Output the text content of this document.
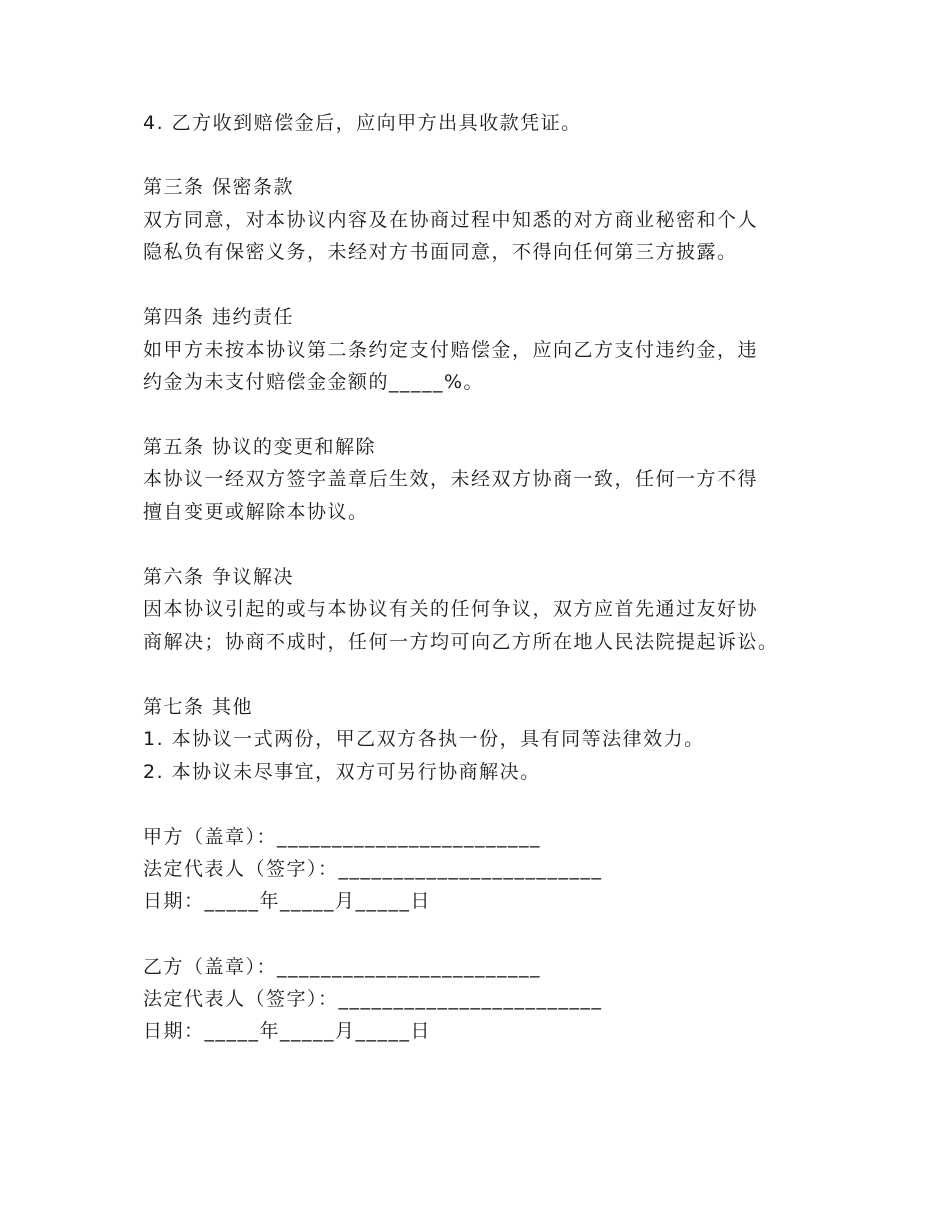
4. 乙方收到赔偿金后，应向甲方出具收款凭证。
第三条 保密条款
双方同意，对本协议内容及在协商过程中知悉的对方商业秘密和个人
隐私负有保密义务，未经对方书面同意，不得向任何第三方披露。
第四条 违约责任
如甲方未按本协议第二条约定支付赔偿金，应向乙方支付违约金，违
约金为未支付赔偿金金额的_____%。
第五条 协议的变更和解除
本协议一经双方签字盖章后生效，未经双方协商一致，任何一方不得
擅自变更或解除本协议。
第六条 争议解决
因本协议引起的或与本协议有关的任何争议，双方应首先通过友好协
商解决；协商不成时，任何一方均可向乙方所在地人民法院提起诉讼。
第七条 其他
1. 本协议一式两份，甲乙双方各执一份，具有同等法律效力。
2. 本协议未尽事宜，双方可另行协商解决。
甲方（盖章）：________________________
法定代表人（签字）：________________________
日期：_____年_____月_____日
乙方（盖章）：________________________
法定代表人（签字）：________________________
日期：_____年_____月_____日
